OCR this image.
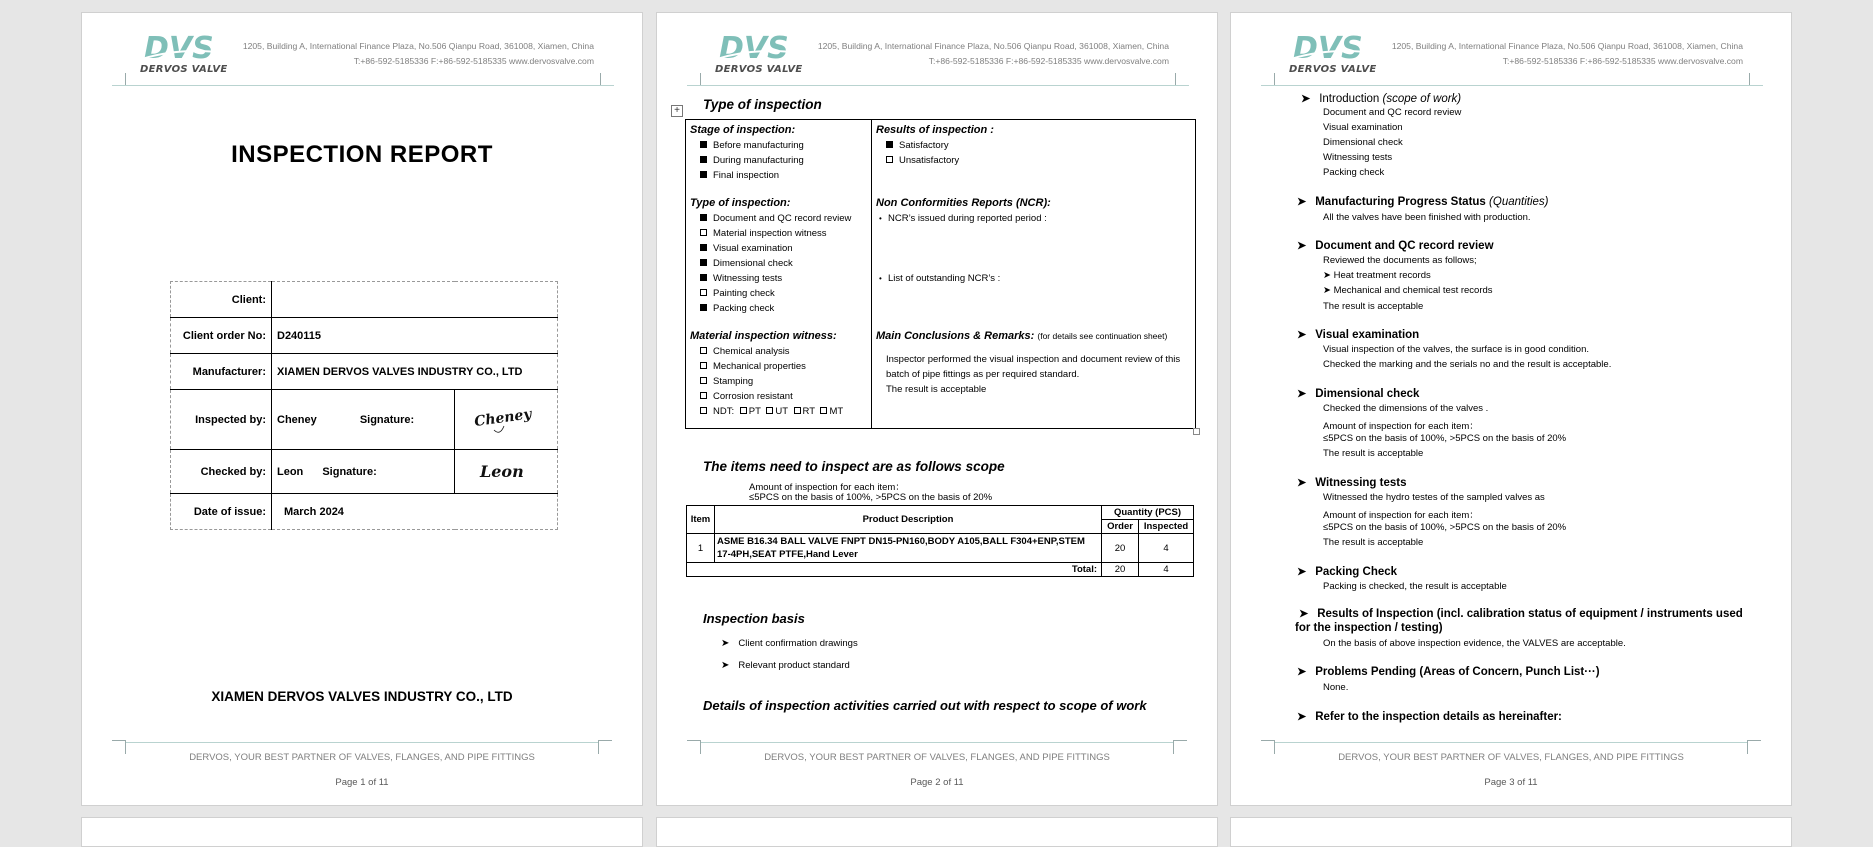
DVS
DERVOS VALVE
1205, Building A, International Finance Plaza, No.506 Qianpu Road, 361008, Xiamen, China
T:+86-592-5185336 F:+86-592-5185335 www.dervosvalve.com
INSPECTION REPORT
Client:		
Client order No:	D240115	
Manufacturer:	XIAMEN DERVOS VALVES INDUSTRY CO., LTD	
Inspected by:	Cheney Signature:	Cheney

Checked by:	Leon Signature:	Leon

Date of issue:	March 2024	
XIAMEN DERVOS VALVES INDUSTRY CO., LTD
DERVOS, YOUR BEST PARTNER OF VALVES, FLANGES, AND PIPE FITTINGS
Page 1 of 11
DVS
DERVOS VALVE
1205, Building A, International Finance Plaza, No.506 Qianpu Road, 361008, Xiamen, China
T:+86-592-5185336 F:+86-592-5185335 www.dervosvalve.com
Type of inspection
+
Stage of inspection:
Before manufacturing
During manufacturing
Final inspection
Type of inspection:
Document and QC record review
Material inspection witness
Visual examination
Dimensional check
Witnessing tests
Painting check
Packing check
Material inspection witness:
Chemical analysis
Mechanical properties
Stamping
Corrosion resistant
NDT: PT UT RT MT
Results of inspection :
Satisfactory
Unsatisfactory
Non Conformities Reports (NCR):
• NCR’s issued during reported period :
• List of outstanding NCR’s :
Main Conclusions & Remarks: (for details see continuation sheet)
Inspector performed the visual inspection and document review of this batch of pipe fittings as per required standard.
The result is acceptable
The items need to inspect are as follows scope
Amount of inspection for each item：
≤5PCS on the basis of 100%, >5PCS on the basis of 20%
Item	Product Description	Quantity (PCS)	
		Order	Inspected
1	ASME B16.34 BALL VALVE FNPT DN15-PN160,BODY A105,BALL F304+ENP,STEM 17-4PH,SEAT PTFE,Hand Lever	20	4
Total:		20	4
Inspection basis
➤ Client confirmation drawings
➤ Relevant product standard
Details of inspection activities carried out with respect to scope of work
DERVOS, YOUR BEST PARTNER OF VALVES, FLANGES, AND PIPE FITTINGS
Page 2 of 11
DVS
DERVOS VALVE
1205, Building A, International Finance Plaza, No.506 Qianpu Road, 361008, Xiamen, China
T:+86-592-5185336 F:+86-592-5185335 www.dervosvalve.com
➤ Introduction (scope of work)
Document and QC record review
Visual examination
Dimensional check
Witnessing tests
Packing check
➤ Manufacturing Progress Status (Quantities)
All the valves have been finished with production.
➤ Document and QC record review
Reviewed the documents as follows;
➤ Heat treatment records
➤ Mechanical and chemical test records
The result is acceptable
➤ Visual examination
Visual inspection of the valves, the surface is in good condition.
Checked the marking and the serials no and the result is acceptable.
➤ Dimensional check
Checked the dimensions of the valves .
Amount of inspection for each item：
≤5PCS on the basis of 100%, >5PCS on the basis of 20%
The result is acceptable
➤ Witnessing tests
Witnessed the hydro testes of the sampled valves as
Amount of inspection for each item：
≤5PCS on the basis of 100%, >5PCS on the basis of 20%
The result is acceptable
➤ Packing Check
Packing is checked, the result is acceptable
➤ Results of Inspection (incl. calibration status of equipment / instruments used for the inspection / testing)
On the basis of above inspection evidence, the VALVES are acceptable.
➤ Problems Pending (Areas of Concern, Punch List···)
None.
➤ Refer to the inspection details as hereinafter:
DERVOS, YOUR BEST PARTNER OF VALVES, FLANGES, AND PIPE FITTINGS
Page 3 of 11
